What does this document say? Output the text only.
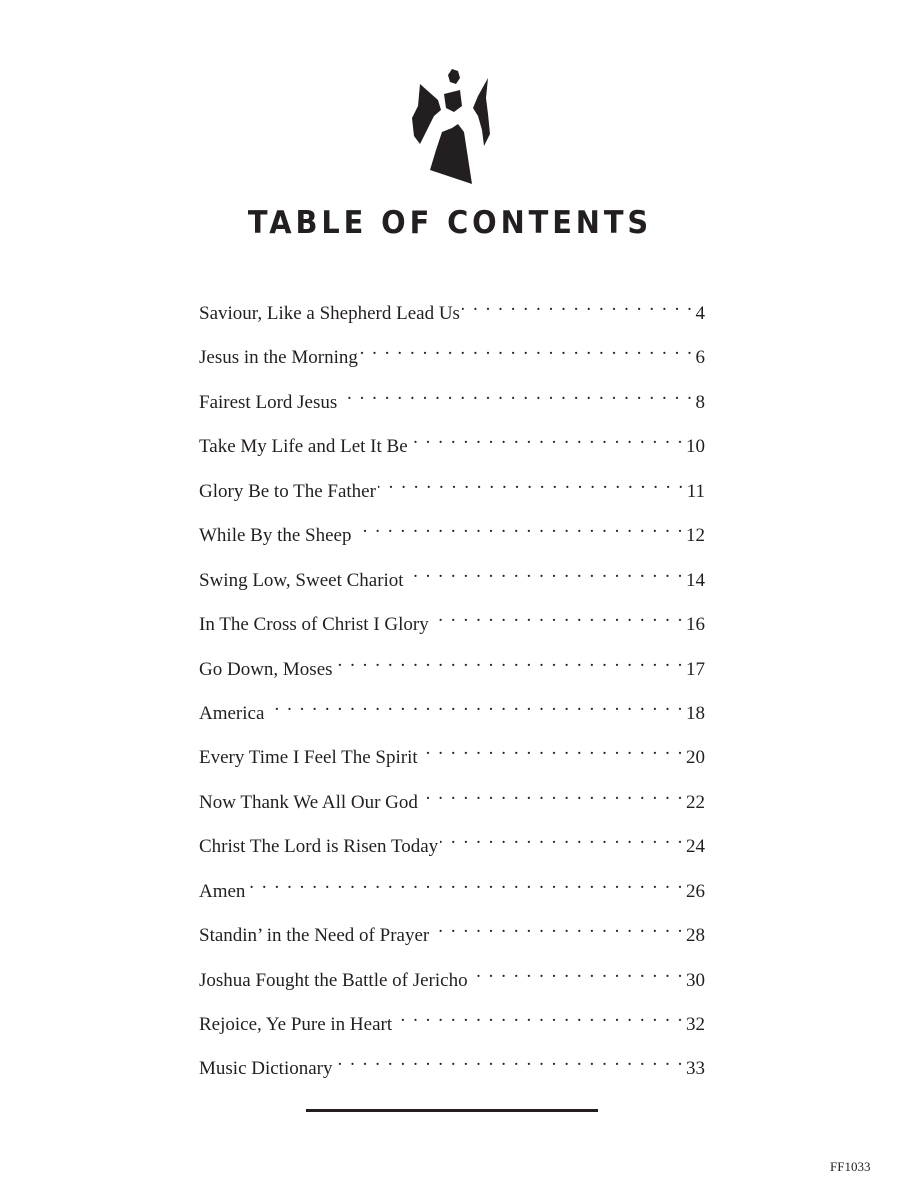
TABLE OF CONTENTS
Saviour, Like a Shepherd Lead Us . . .	4
Jesus in the Morning . . .	6
Fairest Lord Jesus . . .	8
Take My Life and Let It Be . . .	10
Glory Be to The Father . . .	11
While By the Sheep . . .	12
Swing Low, Sweet Chariot . . .	14
In The Cross of Christ I Glory . . .	16
Go Down, Moses . . .	17
America . . .	18
Every Time I Feel The Spirit . . .	20
Now Thank We All Our God . . .	22
Christ The Lord is Risen Today . . .	24
Amen . . .	26
Standin’ in the Need of Prayer . . .	28
Joshua Fought the Battle of Jericho . . .	30
Rejoice, Ye Pure in Heart . . .	32
Music Dictionary . . .	33
FF1033
